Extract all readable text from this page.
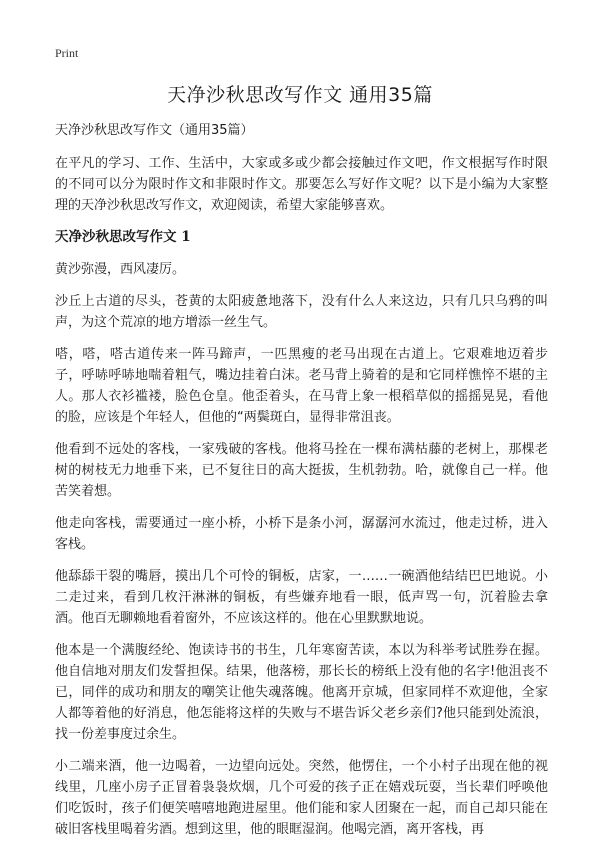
Print
天净沙秋思改写作文 通用35篇

天净沙秋思改写作文（通用35篇）

在平凡的学习、工作、生活中，大家或多或少都会接触过作文吧，作文根据写作时限的不同可以分为限时作文和非限时作文。那要怎么写好作文呢？以下是小编为大家整理的天净沙秋思改写作文，欢迎阅读，希望大家能够喜欢。

天净沙秋思改写作文 1

黄沙弥漫，西风凄厉。

沙丘上古道的尽头，苍黄的太阳疲惫地落下，没有什么人来这边，只有几只乌鸦的叫声，为这个荒凉的地方增添一丝生气。

嗒，嗒，嗒古道传来一阵马蹄声，一匹黑瘦的老马出现在古道上。它艰难地迈着步子，呼哧呼哧地喘着粗气，嘴边挂着白沫。老马背上骑着的是和它同样憔悴不堪的主人。那人衣衫褴褛，脸色仓皇。他歪着头，在马背上象一根稻草似的摇摇晃晃，看他的脸，应该是个年轻人，但他的“两鬓斑白，显得非常沮丧。

他看到不远处的客栈，一家残破的客栈。他将马拴在一棵布满枯藤的老树上，那棵老树的树枝无力地垂下来，已不复往日的高大挺拔，生机勃勃。哈，就像自己一样。他苦笑着想。

他走向客栈，需要通过一座小桥，小桥下是条小河，潺潺河水流过，他走过桥，进入客栈。

他舔舔干裂的嘴唇，摸出几个可怜的铜板，店家，一……一碗酒他结结巴巴地说。小二走过来，看到几枚汗淋淋的铜板，有些嫌弃地看一眼，低声骂一句，沉着脸去拿酒。他百无聊赖地看着窗外，不应该这样的。他在心里默默地说。

他本是一个满腹经纶、饱读诗书的书生，几年寒窗苦读，本以为科举考试胜券在握。他自信地对朋友们发誓担保。结果，他落榜，那长长的榜纸上没有他的名字!他沮丧不已，同伴的成功和朋友的嘲笑让他失魂落魄。他离开京城，但家同样不欢迎他，全家人都等着他的好消息，他怎能将这样的失败与不堪告诉父老乡亲们?他只能到处流浪，找一份差事度过余生。

小二端来酒，他一边喝着，一边望向远处。突然，他愣住，一个小村子出现在他的视线里，几座小房子正冒着袅袅炊烟，几个可爱的孩子正在嬉戏玩耍，当长辈们呼唤他们吃饭时，孩子们便笑嘻嘻地跑进屋里。他们能和家人团聚在一起，而自己却只能在破旧客栈里喝着劣酒。想到这里，他的眼眶湿润。他喝完酒，离开客栈，再
